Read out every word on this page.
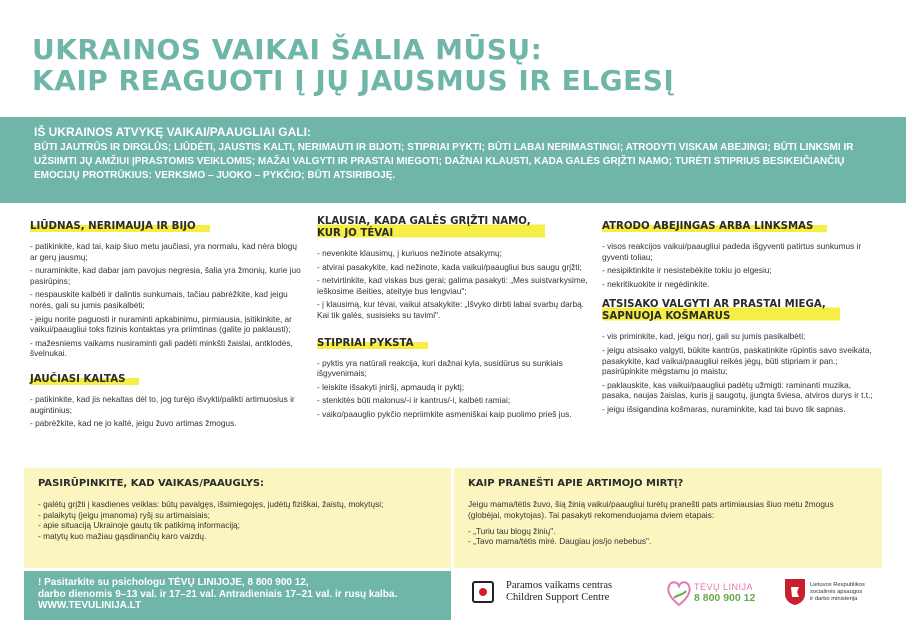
UKRAINOS VAIKAI ŠALIA MŪSŲ:
KAIP REAGUOTI Į JŲ JAUSMUS IR ELGESĮ
IŠ UKRAINOS ATVYKĘ VAIKAI/PAAUGLIAI GALI:
BŪTI JAUTRŪS IR DIRGLŪS; LIŪDĖTI, JAUSTIS KALTI, NERIMAUTI IR BIJOTI; STIPRIAI PYKTI; BŪTI LABAI NERIMASTINGI; ATRODYTI VISKAM ABEJINGI; BŪTI LINKSMI IR UŽSIIMTI JŲ AMŽIUI ĮPRASTOMIS VEIKLOMIS; MAŽAI VALGYTI IR PRASTAI MIEGOTI; DAŽNAI KLAUSTI, KADA GALĖS GRĮŽTI NAMO; TURĖTI STIPRIUS BESIKEIČIANČIŲ EMOCIJŲ PROTRŪKIUS: VERKSMO – JUOKO – PYKČIO; BŪTI ATSIRIBOJĘ.
LIŪDNAS, NERIMAUJA IR BIJO
- patikinkite, kad tai, kaip šiuo metu jaučiasi, yra normalu, kad nėra blogų ar gerų jausmų;
- nuraminkite, kad dabar jam pavojus negresia, šalia yra žmonių, kurie juo pasirūpins;
- nespauskite kalbėti ir dalintis sunkumais, tačiau pabrėžkite, kad jeigu norės, gali su jumis pasikalbėti;
- jeigu norite paguosti ir nuraminti apkabinimu, pirmiausia, įsitikinkite, ar vaikui/paaugliui toks fizinis kontaktas yra priimtinas (galite jo paklausti);
- mažesniems vaikams nusiraminti gali padėti minkšti žaislai, antklodės, švelnukai.
JAUČIASI KALTAS
- patikinkite, kad jis nekaltas dėl to, jog turėjo išvykti/palikti artimuosius ir augintinius;
- pabrėžkite, kad ne jo kaltė, jeigu žuvo artimas žmogus.
KLAUSIA, KADA GALĖS GRĮŽTI NAMO,
KUR JO TĖVAI
- nevenkite klausimų, į kuriuos nežinote atsakymų;
- atvirai pasakykite, kad nežinote, kada vaikui/paaugliui bus saugu grįžti;
- netvirtinkite, kad viskas bus gerai; galima pasakyti: „Mes suistvarkysime, ieškosime išeities, ateityje bus lengviau";
- į klausimą, kur tėvai, vaikui atsakykite: „Išvyko dirbti labai svarbų darbą. Kai tik galės, susisieks su tavimi".
STIPRIAI PYKSTA
- pyktis yra natūrali reakcija, kuri dažnai kyla, susidūrus su sunkiais išgyvenimais;
- leiskite išsakyti įniršį, apmaudą ir pyktį;
- stenkitės būti malonus/-i ir kantrus/-i, kalbėti ramiai;
- vaiko/paauglio pykčio nepriimkite asmeniškai kaip puolimo prieš jus.
ATRODO ABEJINGAS ARBA LINKSMAS
- visos reakcijos vaikui/paaugliui padeda išgyventi patirtus sunkumus ir gyventi toliau;
- nesipiktinkite ir nesistebėkite tokiu jo elgesiu;
- nekritikuokite ir negėdinkite.
ATSISAKO VALGYTI AR PRASTAI MIEGA,
SAPNUOJA KOŠMARUS
- vis priminkite, kad, jeigu norį, gali su jumis pasikalbėti;
- jeigu atsisako valgyti, būkite kantrūs, paskatinkite rūpintis savo sveikata, pasakykite, kad vaikui/paaugliui reikės jėgų, būti stipriam ir pan.; pasirūpinkite mėgstamu jo maistu;
- paklauskite, kas vaikui/paaugliui padėtų užmigti: raminanti muzika, pasaka, naujas žaislas, kuris jį saugotų, įjungta šviesa, atviros durys ir t.t.;
- jeigu išsigandina košmaras, nuraminkite, kad tai buvo tik sapnas.
PASIRŪPINKITE, KAD VAIKAS/PAAUGLYS:
- galėtų grįžti į kasdienes veiklas: būtų pavalgęs, išsimiegojęs, judėtų fiziškai, žaistų, mokytųsi;
- palaikytų (jeigu įmanoma) ryšį su artimaisiais;
- apie situaciją Ukrainoje gautų tik patikimą informaciją;
- matytų kuo mažiau gąsdinančių karo vaizdų.
KAIP PRANEŠTI APIE ARTIMOJO MIRTĮ?

Jeigu mama/tėtis žuvo, šią žinią vaikui/paaugliui turėtų pranešti pats artimiausias šiuo metu žmogus (globėjai, mokytojas). Tai pasakyti rekomenduojama dviem etapais:

- „Turiu tau blogų žinių".
- „Tavo mama/tėtis mirė. Daugiau jos/jo nebebus".
! Pasitarkite su psichologu TĖVŲ LINIJOJE, 8 800 900 12,
darbo dienomis 9–13 val. ir 17–21 val. Antradieniais 17–21 val. ir rusų kalba.
WWW.TEVULINIJA.LT
Paramos vaikams centras
Children Support Centre
TĖVŲ LINIJA
8 800 900 12
Lietuvos Respublikos
socialinės apsaugos
ir darbo ministerija
